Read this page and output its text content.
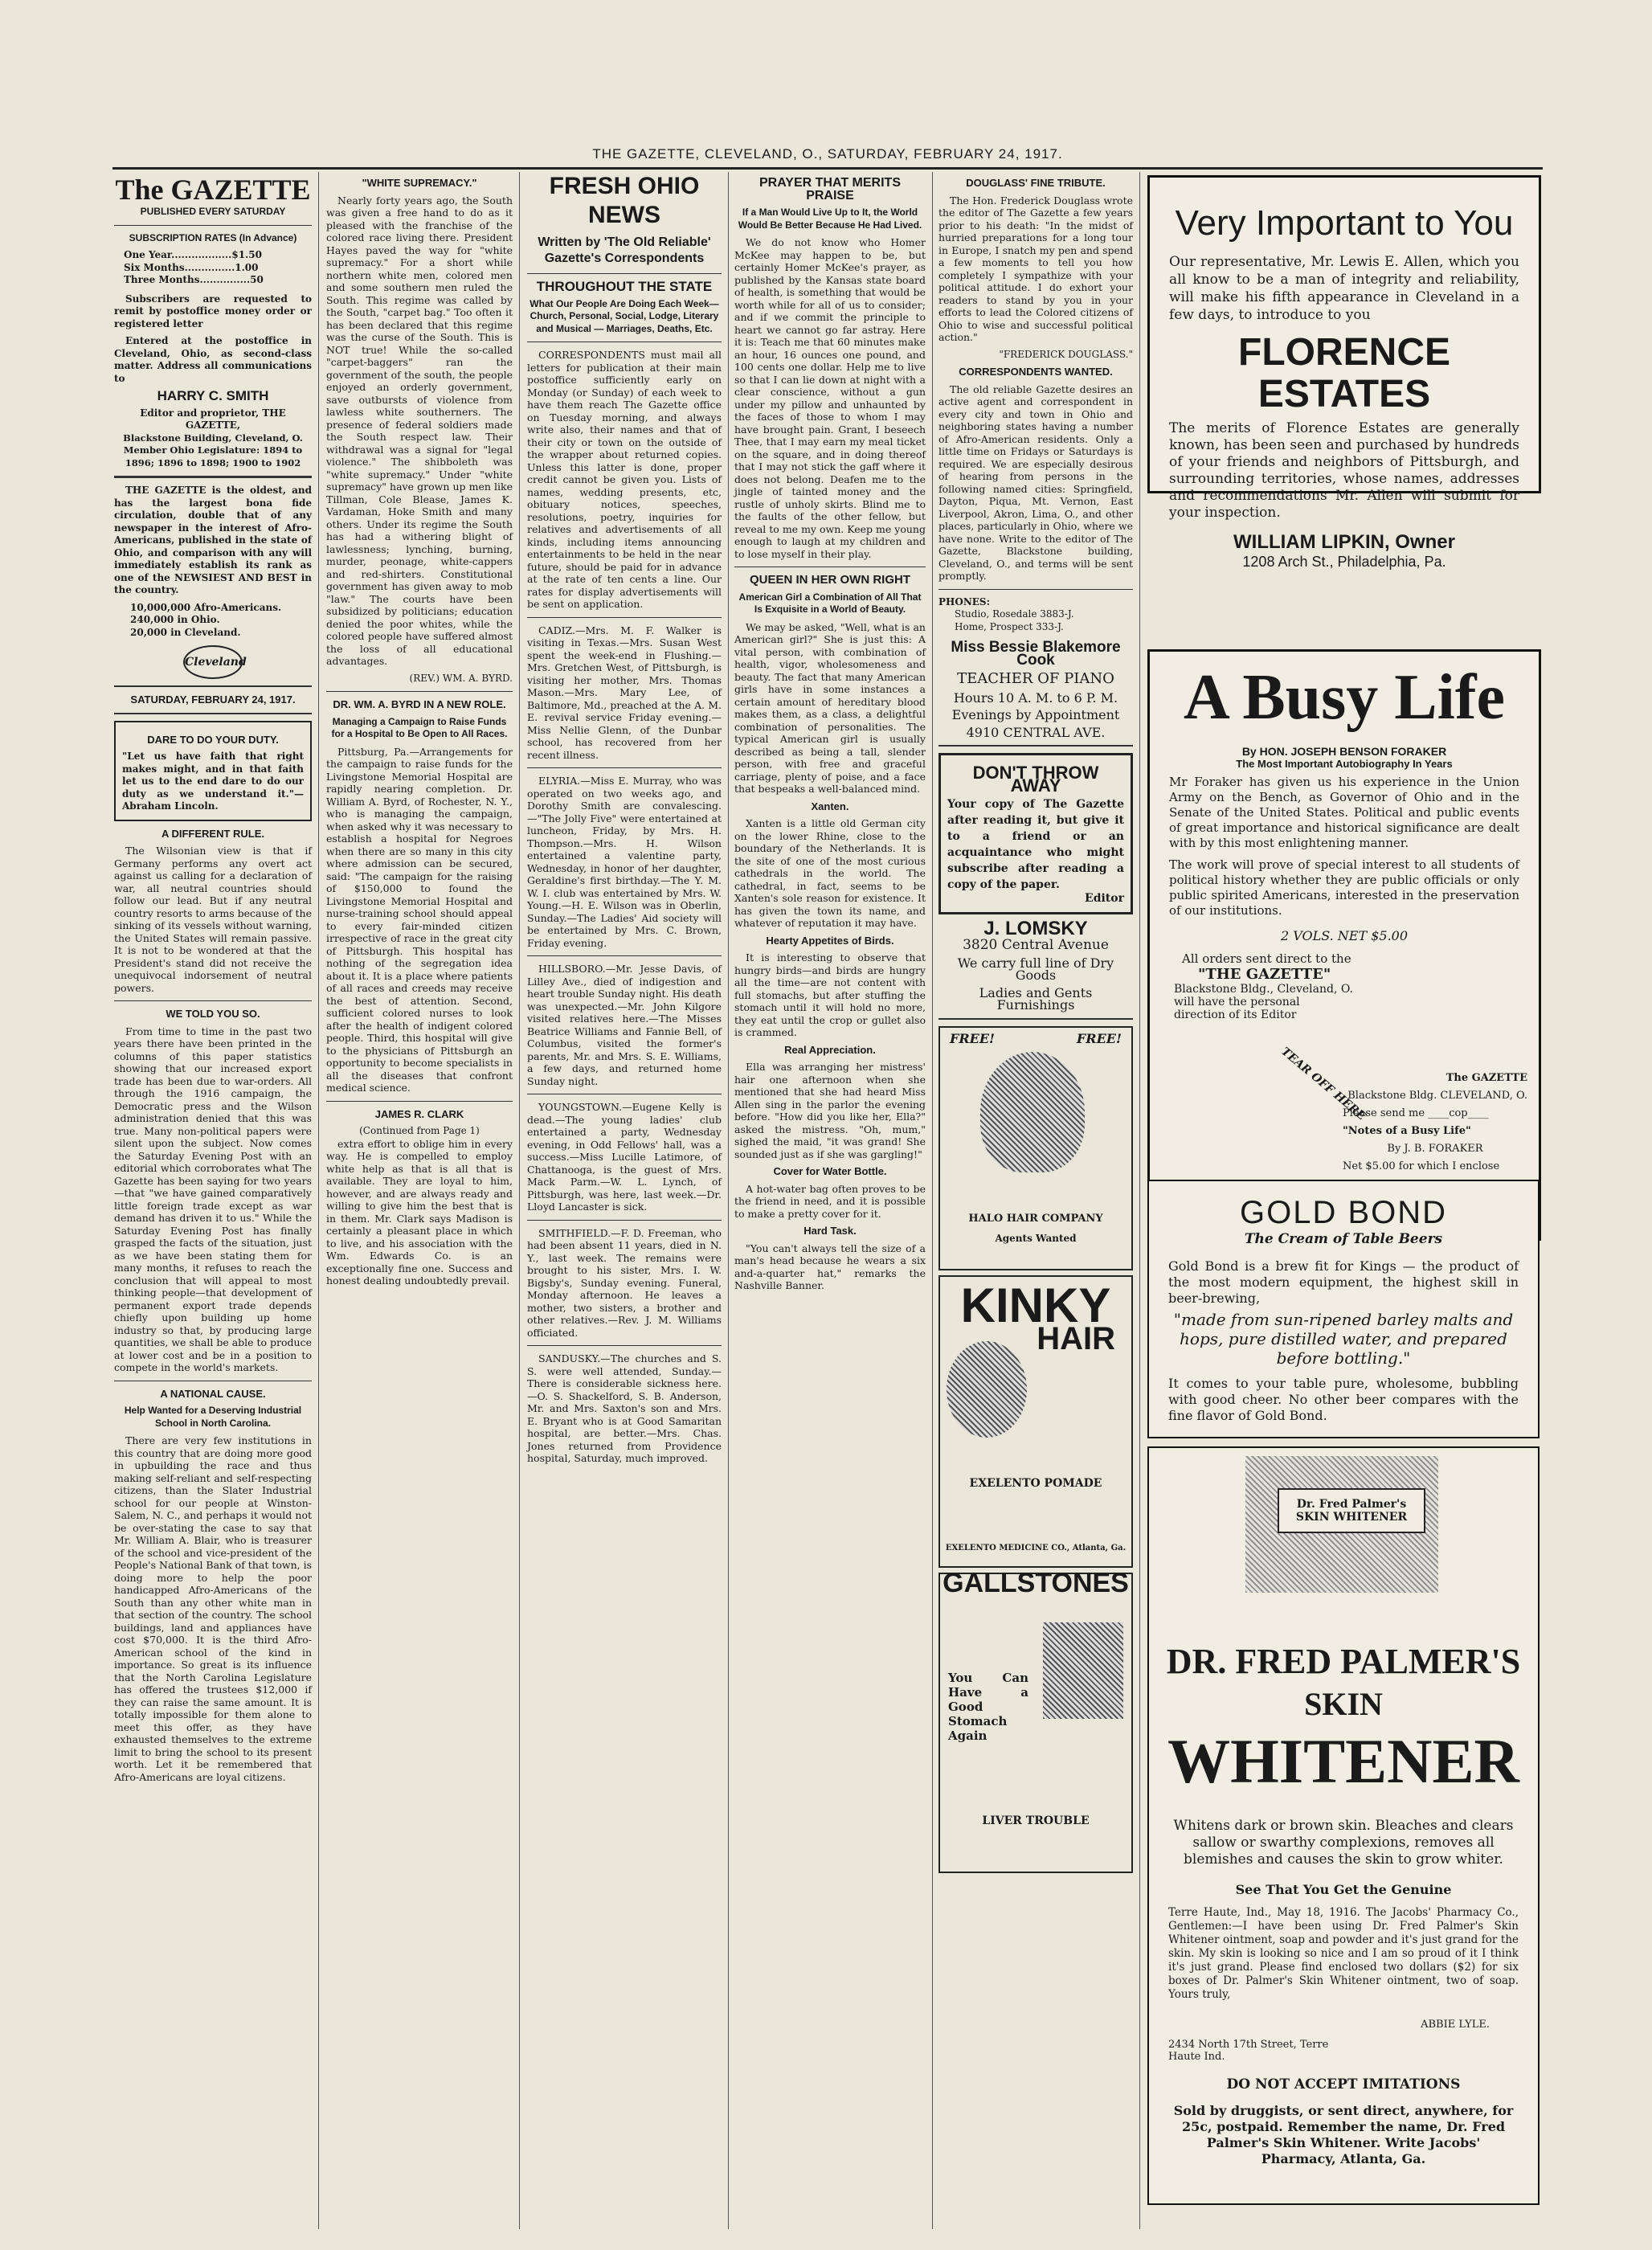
THE GAZETTE, CLEVELAND, O., SATURDAY, FEBRUARY 24, 1917.
The GAZETTE
PUBLISHED EVERY SATURDAY
SUBSCRIPTION RATES (In Advance)
One Year..................$1.50
Six Months...............1.00
Three Months...............50

Subscribers are requested to remit by postoffice money order or registered letter

Entered at the postoffice in Cleveland, Ohio, as second-class matter. Address all communications to

HARRY C. SMITH
Editor and proprietor, THE GAZETTE,
Blackstone Building, Cleveland, O. Member Ohio Legislature: 1894 to 1896; 1896 to 1898; 1900 to 1902

THE GAZETTE is the oldest, and has the largest bona fide circulation, double that of any newspaper in the interest of Afro-Americans, published in the state of Ohio, and comparison with any will immediately establish its rank as one of the NEWSIEST AND BEST in the country.

10,000,000 Afro-Americans.
240,000 in Ohio.
20,000 in Cleveland.
Cleveland
SATURDAY, FEBRUARY 24, 1917.
DARE TO DO YOUR DUTY.
"Let us have faith that right makes might, and in that faith let us to the end dare to do our duty as we understand it."—Abraham Lincoln.
A DIFFERENT RULE.

The Wilsonian view is that if Germany performs any overt act against us calling for a declaration of war, all neutral countries should follow our lead. But if any neutral country resorts to arms because of the sinking of its vessels without warning, the United States will remain passive. It is not to be wondered at that the President's stand did not receive the unequivocal indorsement of neutral powers.

WE TOLD YOU SO.

From time to time in the past two years there have been printed in the columns of this paper statistics showing that our increased export trade has been due to war-orders. All through the 1916 campaign, the Democratic press and the Wilson administration denied that this was true. Many non-political papers were silent upon the subject. Now comes the Saturday Evening Post with an editorial which corroborates what The Gazette has been saying for two years —that "we have gained comparatively little foreign trade except as war demand has driven it to us." While the Saturday Evening Post has finally grasped the facts of the situation, just as we have been stating them for many months, it refuses to reach the conclusion that will appeal to most thinking people—that development of permanent export trade depends chiefly upon building up home industry so that, by producing large quantities, we shall be able to produce at lower cost and be in a position to compete in the world's markets.

A NATIONAL CAUSE.
Help Wanted for a Deserving Industrial School in North Carolina.

There are very few institutions in this country that are doing more good in upbuilding the race and thus making self-reliant and self-respecting citizens, than the Slater Industrial school for our people at Winston-Salem, N. C., and perhaps it would not be over-stating the case to say that Mr. William A. Blair, who is treasurer of the school and vice-president of the People's National Bank of that town, is doing more to help the poor handicapped Afro-Americans of the South than any other white man in that section of the country. The school buildings, land and appliances have cost $70,000. It is the third Afro-American school of the kind in importance. So great is its influence that the North Carolina Legislature has offered the trustees $12,000 if they can raise the same amount. It is totally impossible for them alone to meet this offer, as they have exhausted themselves to the extreme limit to bring the school to its present worth. Let it be remembered that Afro-Americans are loyal citizens.

"WHITE SUPREMACY."

Nearly forty years ago, the South was given a free hand to do as it pleased with the franchise of the colored race living there. President Hayes paved the way for "white supremacy." For a short while northern white men, colored men and some southern men ruled the South. This regime was called by the South, "carpet bag." Too often it has been declared that this regime was the curse of the South. This is NOT true! While the so-called "carpet-baggers" ran the government of the south, the people enjoyed an orderly government, save outbursts of violence from lawless white southerners. The presence of federal soldiers made the South respect law. Their withdrawal was a signal for "legal violence." The shibboleth was "white supremacy." Under "white supremacy" have grown up men like Tillman, Cole Blease, James K. Vardaman, Hoke Smith and many others. Under its regime the South has had a withering blight of lawlessness; lynching, burning, murder, peonage, white-cappers and red-shirters. Constitutional government has given away to mob "law." The courts have been subsidized by politicians; education denied the poor whites, while the colored people have suffered almost the loss of all educational advantages.

(REV.) WM. A. BYRD.
DR. WM. A. BYRD IN A NEW ROLE.
Managing a Campaign to Raise Funds for a Hospital to Be Open to All Races.

Pittsburg, Pa.—Arrangements for the campaign to raise funds for the Livingstone Memorial Hospital are rapidly nearing completion. Dr. William A. Byrd, of Rochester, N. Y., who is managing the campaign, when asked why it was necessary to establish a hospital for Negroes when there are so many in this city where admission can be secured, said: "The campaign for the raising of $150,000 to found the Livingstone Memorial Hospital and nurse-training school should appeal to every fair-minded citizen irrespective of race in the great city of Pittsburgh. This hospital has nothing of the segregation idea about it. It is a place where patients of all races and creeds may receive the best of attention. Second, sufficient colored nurses to look after the health of indigent colored people. Third, this hospital will give to the physicians of Pittsburgh an opportunity to become specialists in all the diseases that confront medical science.

JAMES R. CLARK
(Continued from Page 1)

extra effort to oblige him in every way. He is compelled to employ white help as that is all that is available. They are loyal to him, however, and are always ready and willing to give him the best that is in them. Mr. Clark says Madison is certainly a pleasant place in which to live, and his association with the Wm. Edwards Co. is an exceptionally fine one. Success and honest dealing undoubtedly prevail.

FRESH OHIO NEWS
Written by 'The Old Reliable' Gazette's Correspondents
THROUGHOUT THE STATE
What Our People Are Doing Each Week—Church, Personal, Social, Lodge, Literary and Musical — Marriages, Deaths, Etc.

CORRESPONDENTS must mail all letters for publication at their main postoffice sufficiently early on Monday (or Sunday) of each week to have them reach The Gazette office on Tuesday morning, and always write also, their names and that of their city or town on the outside of the wrapper about returned copies. Unless this latter is done, proper credit cannot be given you. Lists of names, wedding presents, etc, obituary notices, speeches, resolutions, poetry, inquiries for relatives and advertisements of all kinds, including items announcing entertainments to be held in the near future, should be paid for in advance at the rate of ten cents a line. Our rates for display advertisements will be sent on application.

CADIZ.—Mrs. M. F. Walker is visiting in Texas.—Mrs. Susan West spent the week-end in Flushing.—Mrs. Gretchen West, of Pittsburgh, is visiting her mother, Mrs. Thomas Mason.—Mrs. Mary Lee, of Baltimore, Md., preached at the A. M. E. revival service Friday evening.—Miss Nellie Glenn, of the Dunbar school, has recovered from her recent illness.

ELYRIA.—Miss E. Murray, who was operated on two weeks ago, and Dorothy Smith are convalescing.—"The Jolly Five" were entertained at luncheon, Friday, by Mrs. H. Thompson.—Mrs. H. Wilson entertained a valentine party, Wednesday, in honor of her daughter, Geraldine's first birthday.—The Y. M. W. I. club was entertained by Mrs. W. Young.—H. E. Wilson was in Oberlin, Sunday.—The Ladies' Aid society will be entertained by Mrs. C. Brown, Friday evening.

HILLSBORO.—Mr. Jesse Davis, of Lilley Ave., died of indigestion and heart trouble Sunday night. His death was unexpected.—Mr. John Kilgore visited relatives here.—The Misses Beatrice Williams and Fannie Bell, of Columbus, visited the former's parents, Mr. and Mrs. S. E. Williams, a few days, and returned home Sunday night.

YOUNGSTOWN.—Eugene Kelly is dead.—The young ladies' club entertained a party, Wednesday evening, in Odd Fellows' hall, was a success.—Miss Lucille Latimore, of Chattanooga, is the guest of Mrs. Mack Parm.—W. L. Lynch, of Pittsburgh, was here, last week.—Dr. Lloyd Lancaster is sick.

SMITHFIELD.—F. D. Freeman, who had been absent 11 years, died in N. Y., last week. The remains were brought to his sister, Mrs. I. W. Bigsby's, Sunday evening. Funeral, Monday afternoon. He leaves a mother, two sisters, a brother and other relatives.—Rev. J. M. Williams officiated.

SANDUSKY.—The churches and S. S. were well attended, Sunday.—There is considerable sickness here.—O. S. Shackelford, S. B. Anderson, Mr. and Mrs. Saxton's son and Mrs. E. Bryant who is at Good Samaritan hospital, are better.—Mrs. Chas. Jones returned from Providence hospital, Saturday, much improved.

PRAYER THAT MERITS PRAISE
If a Man Would Live Up to It, the World Would Be Better Because He Had Lived.

We do not know who Homer McKee may happen to be, but certainly Homer McKee's prayer, as published by the Kansas state board of health, is something that would be worth while for all of us to consider; and if we commit the principle to heart we cannot go far astray. Here it is: Teach me that 60 minutes make an hour, 16 ounces one pound, and 100 cents one dollar. Help me to live so that I can lie down at night with a clear conscience, without a gun under my pillow and unhaunted by the faces of those to whom I may have brought pain. Grant, I beseech Thee, that I may earn my meal ticket on the square, and in doing thereof that I may not stick the gaff where it does not belong. Deafen me to the jingle of tainted money and the rustle of unholy skirts. Blind me to the faults of the other fellow, but reveal to me my own. Keep me young enough to laugh at my children and to lose myself in their play.

QUEEN IN HER OWN RIGHT
American Girl a Combination of All That Is Exquisite in a World of Beauty.

We may be asked, "Well, what is an American girl?" She is just this: A vital person, with combination of health, vigor, wholesomeness and beauty. The fact that many American girls have in some instances a certain amount of hereditary blood makes them, as a class, a delightful combination of personalities. The typical American girl is usually described as being a tall, slender person, with free and graceful carriage, plenty of poise, and a face that bespeaks a well-balanced mind.

Xanten.

Xanten is a little old German city on the lower Rhine, close to the boundary of the Netherlands. It is the site of one of the most curious cathedrals in the world. The cathedral, in fact, seems to be Xanten's sole reason for existence. It has given the town its name, and whatever of reputation it may have.

Hearty Appetites of Birds.

It is interesting to observe that hungry birds—and birds are hungry all the time—are not content with full stomachs, but after stuffing the stomach until it will hold no more, they eat until the crop or gullet also is crammed.

Real Appreciation.

Ella was arranging her mistress' hair one afternoon when she mentioned that she had heard Miss Allen sing in the parlor the evening before. "How did you like her, Ella?" asked the mistress. "Oh, mum," sighed the maid, "it was grand! She sounded just as if she was gargling!"

Cover for Water Bottle.

A hot-water bag often proves to be the friend in need, and it is possible to make a pretty cover for it.

Hard Task.

"You can't always tell the size of a man's head because he wears a six and-a-quarter hat," remarks the Nashville Banner.

DOUGLASS' FINE TRIBUTE.

The Hon. Frederick Douglass wrote the editor of The Gazette a few years prior to his death: "In the midst of hurried preparations for a long tour in Europe, I snatch my pen and spend a few moments to tell you how completely I sympathize with your political attitude. I do exhort your readers to stand by you in your efforts to lead the Colored citizens of Ohio to wise and successful political action."

"FREDERICK DOUGLASS."
CORRESPONDENTS WANTED.

The old reliable Gazette desires an active agent and correspondent in every city and town in Ohio and neighboring states having a number of Afro-American residents. Only a little time on Fridays or Saturdays is required. We are especially desirous of hearing from persons in the following named cities: Springfield, Dayton, Piqua, Mt. Vernon, East Liverpool, Akron, Lima, O., and other places, particularly in Ohio, where we have none. Write to the editor of The Gazette, Blackstone building, Cleveland, O., and terms will be sent promptly.

PHONES:
Studio, Rosedale 3883-J.
Home, Prospect 333-J.
Miss Bessie Blakemore Cook
TEACHER OF PIANO
Hours 10 A. M. to 6 P. M.
Evenings by Appointment
4910 CENTRAL AVE.
DON'T THROW AWAY
Your copy of The Gazette after reading it, but give it to a friend or an acquaintance who might subscribe after reading a copy of the paper.
Editor
J. LOMSKY
3820 Central Avenue
We carry full line of Dry Goods
Ladies and Gents Furnishings
FREE!	FREE!
HALO HAIR COMPANY
Agents Wanted
KINKY
HAIR
EXELENTO POMADE
EXELENTO MEDICINE CO., Atlanta, Ga.
GALLSTONES
You Can Have a Good Stomach Again
LIVER TROUBLE
Very Important to You
Our representative, Mr. Lewis E. Allen, which you all know to be a man of integrity and reliability, will make his fifth appearance in Cleveland in a few days, to introduce to you
FLORENCE ESTATES
The merits of Florence Estates are generally known, has been seen and purchased by hundreds of your friends and neighbors of Pittsburgh, and surrounding territories, whose names, addresses and recommendations Mr. Allen will submit for your inspection.
WILLIAM LIPKIN, Owner
1208 Arch St., Philadelphia, Pa.
A Busy Life
By HON. JOSEPH BENSON FORAKER
The Most Important Autobiography In Years
Mr Foraker has given us his experience in the Union Army on the Bench, as Governor of Ohio and in the Senate of the United States. Political and public events of great importance and historical significance are dealt with by this most enlightening manner.
The work will prove of special interest to all students of political history whether they are public officials or only public spirited Americans, interested in the preservation of our institutions.
2 VOLS. NET $5.00
All orders sent direct to the
"THE GAZETTE"
Blackstone Bldg., Cleveland, O.
will have the personal direction of its Editor
The GAZETTE
Blackstone Bldg. CLEVELAND, O.
Please send me ____cop____
"Notes of a Busy Life"
By J. B. FORAKER
Net $5.00 for which I enclose
TEAR OFF HERE
GOLD BOND
The Cream of Table Beers
Gold Bond is a brew fit for Kings — the product of the most modern equipment, the highest skill in beer-brewing,
"made from sun-ripened barley malts and hops, pure distilled water, and prepared before bottling."
It comes to your table pure, wholesome, bubbling with good cheer. No other beer compares with the fine flavor of Gold Bond.
Dr. Fred Palmer's SKIN WHITENER
DR. FRED PALMER'S
SKIN
WHITENER
Whitens dark or brown skin. Bleaches and clears sallow or swarthy complexions, removes all blemishes and causes the skin to grow whiter.
See That You Get the Genuine
Terre Haute, Ind., May 18, 1916. The Jacobs' Pharmacy Co., Gentlemen:—I have been using Dr. Fred Palmer's Skin Whitener ointment, soap and powder and it's just grand for the skin. My skin is looking so nice and I am so proud of it I think it's just grand. Please find enclosed two dollars ($2) for six boxes of Dr. Palmer's Skin Whitener ointment, two of soap. Yours truly,
ABBIE LYLE.
2434 North 17th Street, Terre Haute Ind.
DO NOT ACCEPT IMITATIONS
Sold by druggists, or sent direct, anywhere, for 25c, postpaid. Remember the name, Dr. Fred Palmer's Skin Whitener. Write Jacobs' Pharmacy, Atlanta, Ga.
